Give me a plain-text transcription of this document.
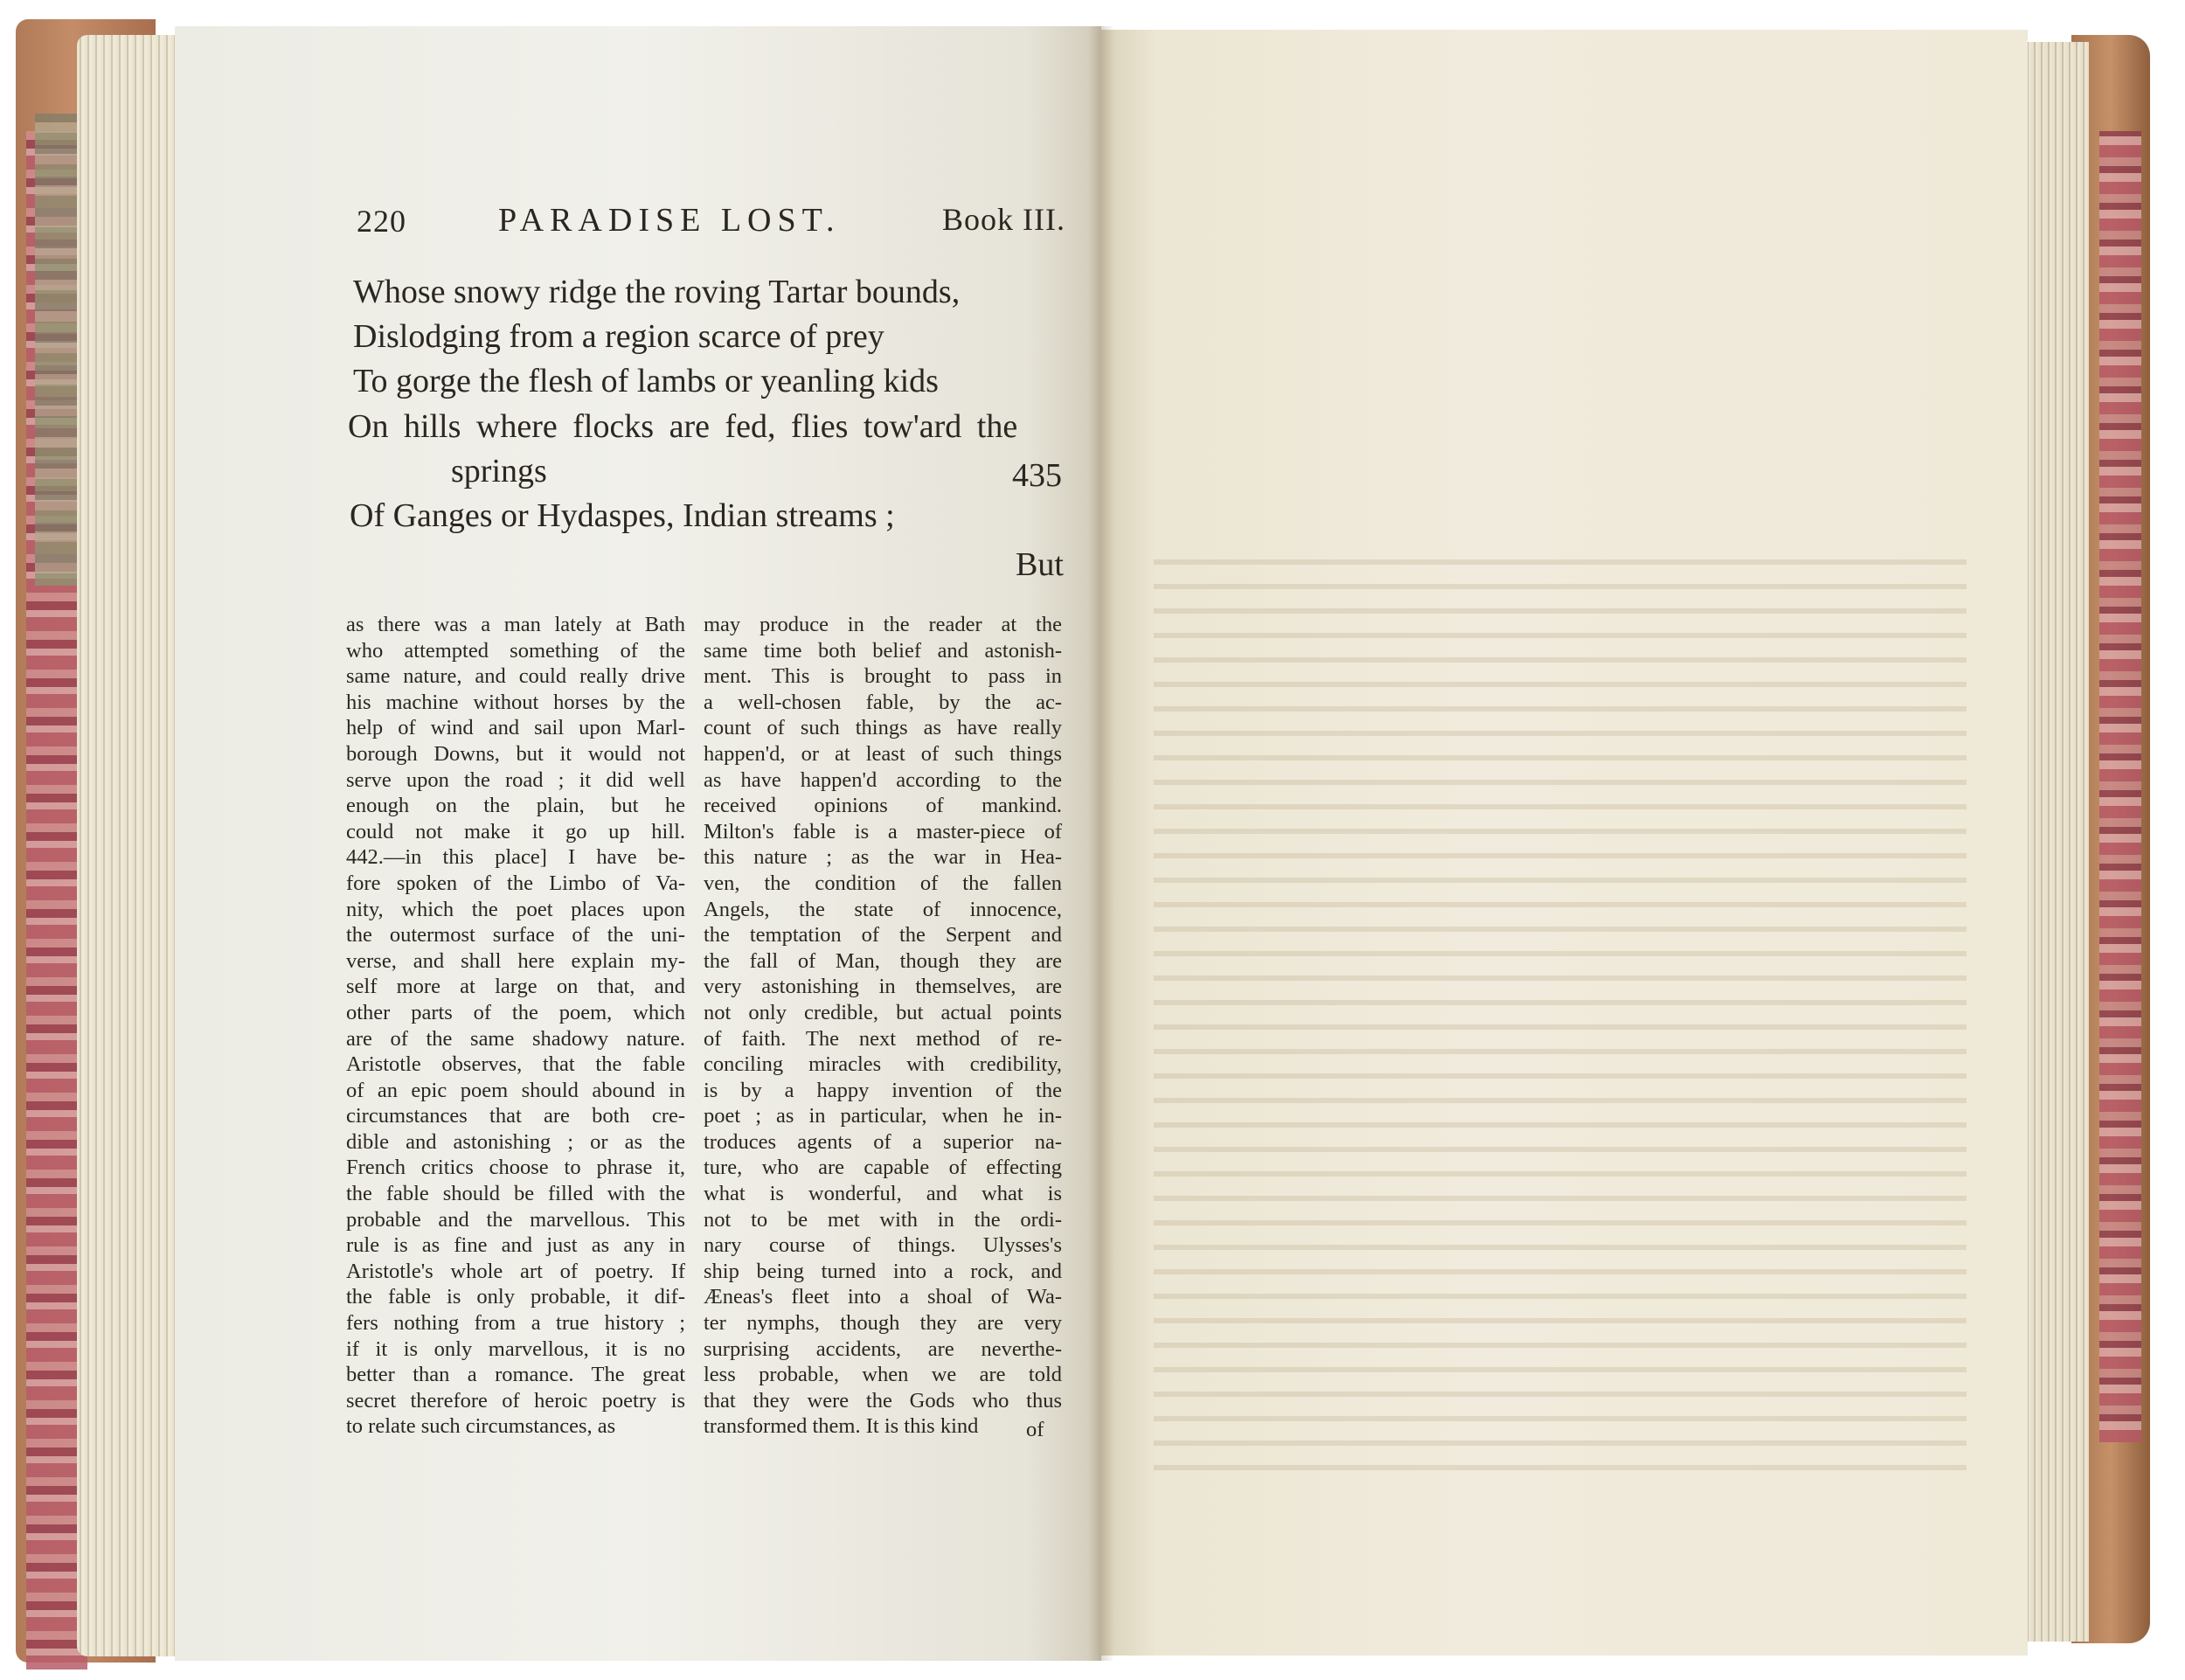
220	PARADISE LOST.	Book III.
Whose snowy ridge the roving Tartar bounds,
Dislodging from a region scarce of prey
To gorge the flesh of lambs or yeanling kids
On hills where flocks are fed, flies tow'ard the
springs	435
Of Ganges or Hydaspes, Indian streams ;
But
as there was a man lately at Bath
who attempted something of the
same nature, and could really drive
his machine without horses by the
help of wind and sail upon Marl-
borough Downs, but it would not
serve upon the road ; it did well
enough on the plain, but he
could not make it go up hill.
442.—in this place] I have be-
fore spoken of the Limbo of Va-
nity, which the poet places upon
the outermost surface of the uni-
verse, and shall here explain my-
self more at large on that, and
other parts of the poem, which
are of the same shadowy nature.
Aristotle observes, that the fable
of an epic poem should abound in
circumstances that are both cre-
dible and astonishing ; or as the
French critics choose to phrase it,
the fable should be filled with the
probable and the marvellous. This
rule is as fine and just as any in
Aristotle's whole art of poetry. If
the fable is only probable, it dif-
fers nothing from a true history ;
if it is only marvellous, it is no
better than a romance. The great
secret therefore of heroic poetry is
to relate such circumstances, as
may produce in the reader at the
same time both belief and astonish-
ment. This is brought to pass in
a well-chosen fable, by the ac-
count of such things as have really
happen'd, or at least of such things
as have happen'd according to the
received opinions of mankind.
Milton's fable is a master-piece of
this nature ; as the war in Hea-
ven, the condition of the fallen
Angels, the state of innocence,
the temptation of the Serpent and
the fall of Man, though they are
very astonishing in themselves, are
not only credible, but actual points
of faith. The next method of re-
conciling miracles with credibility,
is by a happy invention of the
poet ; as in particular, when he in-
troduces agents of a superior na-
ture, who are capable of effecting
what is wonderful, and what is
not to be met with in the ordi-
nary course of things. Ulysses's
ship being turned into a rock, and
Æneas's fleet into a shoal of Wa-
ter nymphs, though they are very
surprising accidents, are neverthe-
less probable, when we are told
that they were the Gods who thus
transformed them. It is this kind	of
